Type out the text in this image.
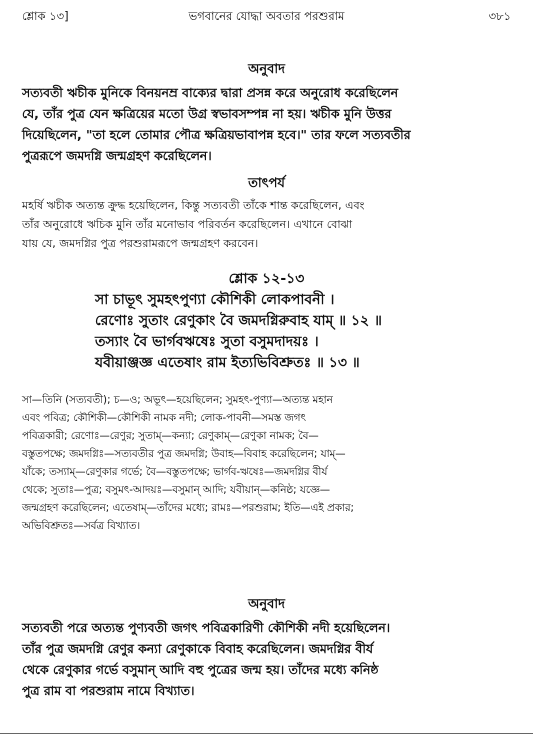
শ্লোক ১৩]	ভগবানের যোদ্ধা অবতার পরশুরাম	৩৮১
অনুবাদ
সত্যবতী ঋচীক মুনিকে বিনয়নম্র বাক্যের দ্বারা প্রসন্ন করে অনুরোধ করেছিলেন
যে, তাঁর পুত্র যেন ক্ষত্রিয়ের মতো উগ্র স্বভাবসম্পন্ন না হয়। ঋচীক মুনি উত্তর
দিয়েছিলেন, "তা হলে তোমার পৌত্র ক্ষত্রিয়ভাবাপন্ন হবে।" তার ফলে সত্যবতীর
পুত্ররূপে জমদগ্নি জন্মগ্রহণ করেছিলেন।
তাৎপর্য
মহর্ষি ঋচীক অত্যন্ত ক্রুদ্ধ হয়েছিলেন, কিন্তু সত্যবতী তাঁকে শান্ত করেছিলেন, এবং
তাঁর অনুরোধে ঋচিক মুনি তাঁর মনোভাব পরিবর্তন করেছিলেন। এখানে বোঝা
যায় যে, জমদগ্নির পুত্র পরশুরামরূপে জন্মগ্রহণ করবেন।
শ্লোক ১২-১৩
সা চাভূৎ সুমহৎপুণ্যা কৌশিকী লোকপাবনী ।
রেণোঃ সুতাং রেণুকাং বৈ জমদগ্নিরুবাহ যাম্ ॥ ১২ ॥
তস্যাং বৈ ভার্গবঋষেঃ সুতা বসুমদাদয়ঃ ।
যবীয়াঞ্জজ্ঞ এতেষাং রাম ইত্যভিবিশ্রুতঃ ॥ ১৩ ॥
সা—তিনি (সত্যবতী); চ—ও; অভূৎ—হয়েছিলেন; সুমহৎ-পুণ্যা—অত্যন্ত মহান
এবং পবিত্র; কৌশিকী—কৌশিকী নামক নদী; লোক-পাবনী—সমস্ত জগৎ
পবিত্রকারী; রেণোঃ—রেণুর; সুতাম্—কন্যা; রেণুকাম্—রেণুকা নামক; বৈ—
বস্তুতপক্ষে; জমদগ্নিঃ—সত্যবতীর পুত্র জমদগ্নি; উবাহ—বিবাহ করেছিলেন; যাম্—
যাঁকে; তস্যাম্—রেণুকার গর্ভে; বৈ—বস্তুতপক্ষে; ভার্গব-ঋষেঃ—জমদগ্নির বীর্য
থেকে; সুতাঃ—পুত্র; বসুমৎ-আদয়ঃ—বসুমান্ আদি; যবীয়ান্—কনিষ্ঠ; যজ্ঞে—
জন্মগ্রহণ করেছিলেন; এতেষাম্—তাঁদের মধ্যে; রামঃ—পরশুরাম; ইতি—এই প্রকার;
অভিবিশ্রুতঃ—সর্বত্র বিখ্যাত।
অনুবাদ
সত্যবতী পরে অত্যন্ত পুণ্যবতী জগৎ পবিত্রকারিণী কৌশিকী নদী হয়েছিলেন।
তাঁর পুত্র জমদগ্নি রেণুর কন্যা রেণুকাকে বিবাহ করেছিলেন। জমদগ্নির বীর্য
থেকে রেণুকার গর্ভে বসুমান্ আদি বহু পুত্রের জন্ম হয়। তাঁদের মধ্যে কনিষ্ঠ
পুত্র রাম বা পরশুরাম নামে বিখ্যাত।
